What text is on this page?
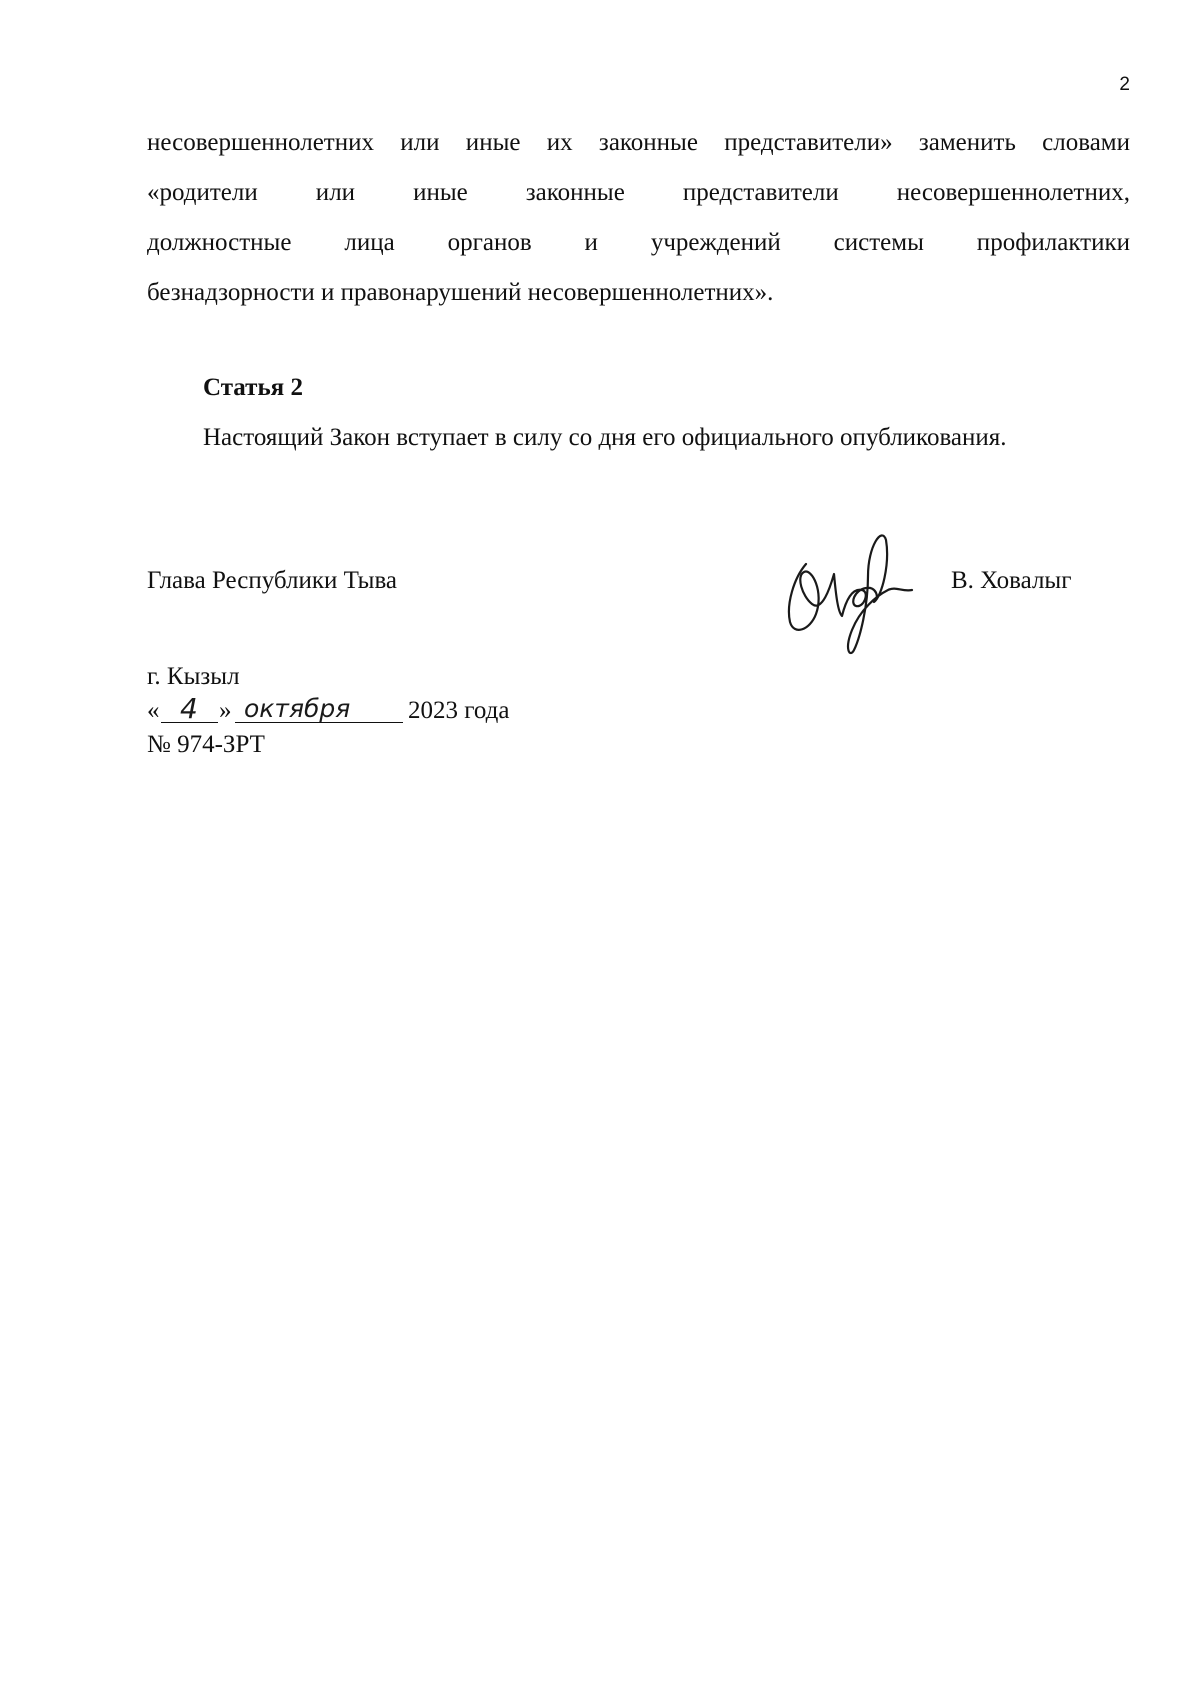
2
несовершеннолетних или иные их законные представители» заменить словами
«родители или иные законные представители несовершеннолетних,
должностные лица органов и учреждений системы профилактики
безнадзорности и правонарушений несовершеннолетних».
Статья 2
Настоящий Закон вступает в силу со дня его официального опубликования.
Глава Республики Тыва	В. Ховалыг
г. Кызыл
« 4 » октября 2023 года
№ 974-ЗРТ
